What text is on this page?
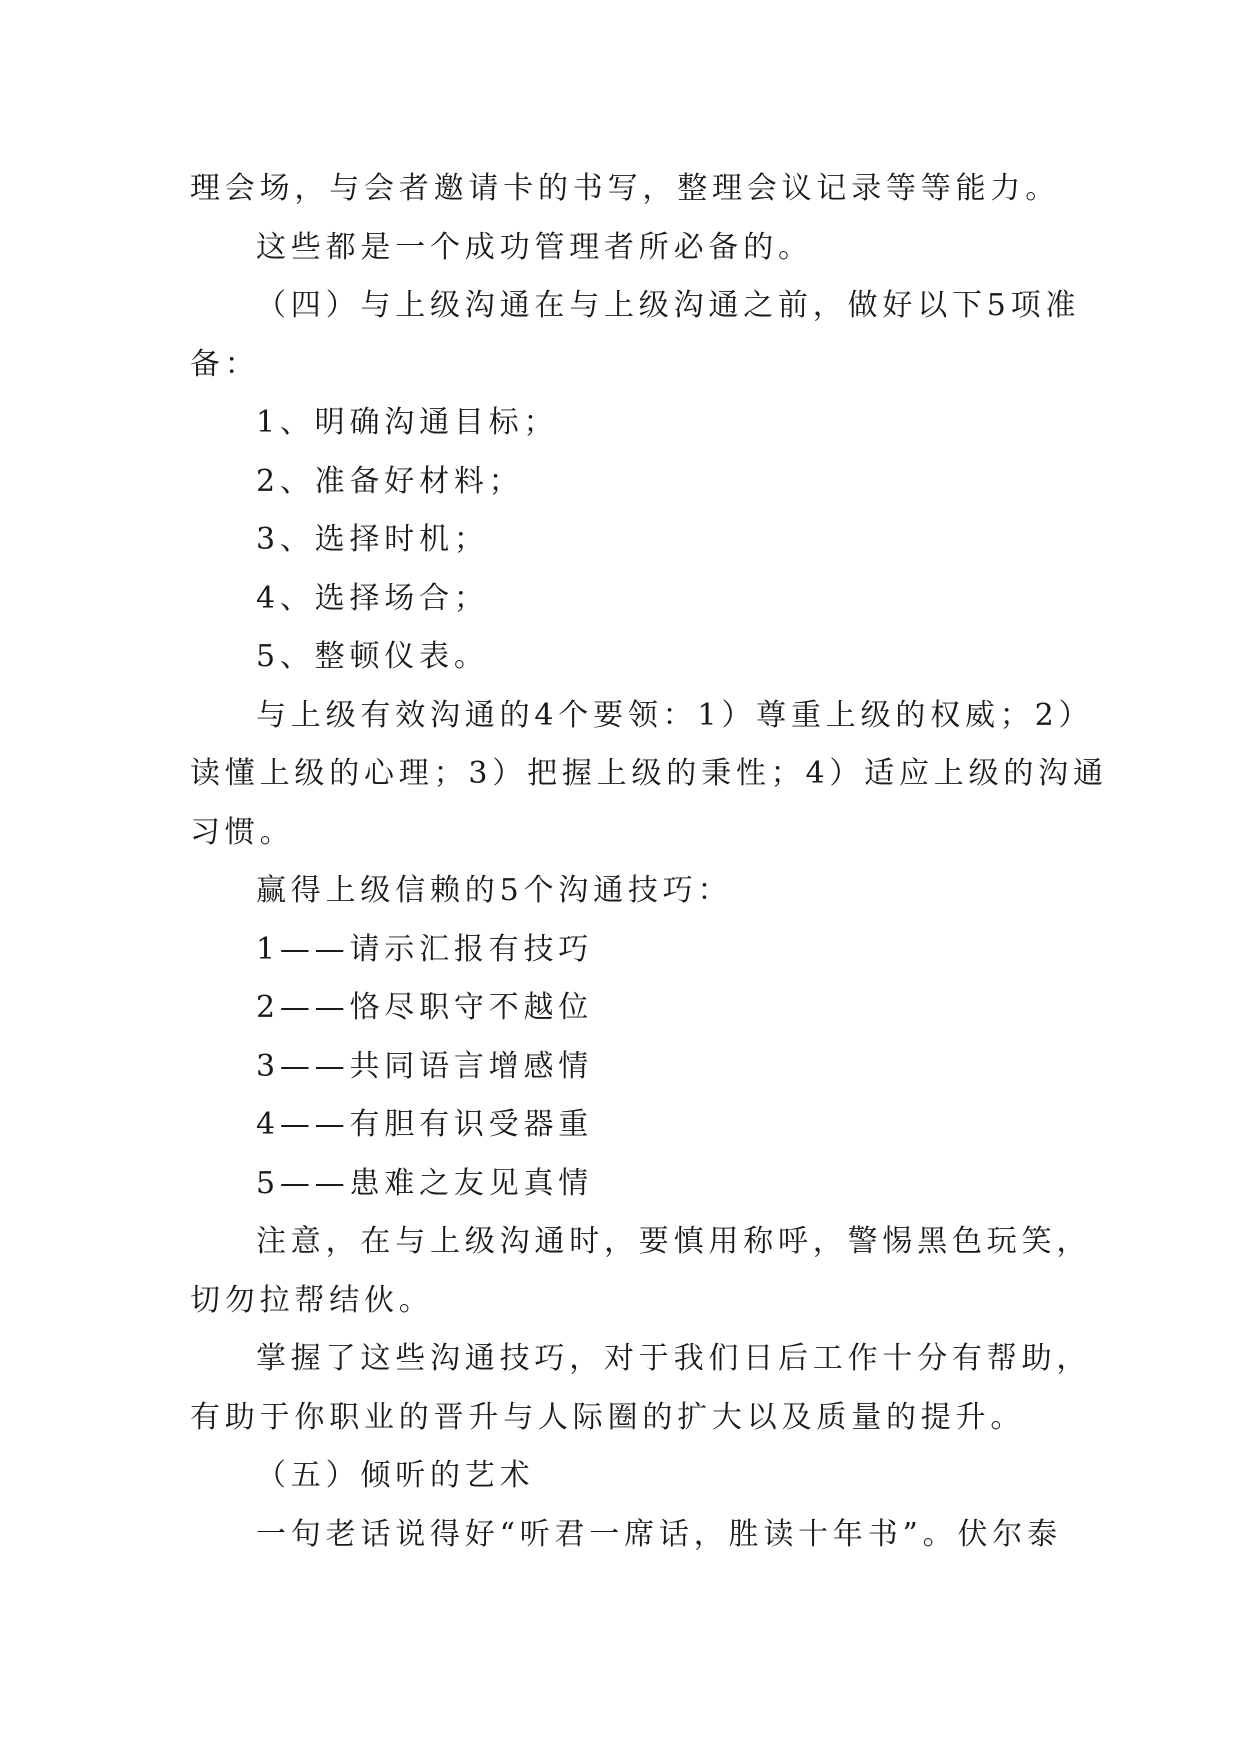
理会场，与会者邀请卡的书写，整理会议记录等等能力。
这些都是一个成功管理者所必备的。
（四）与上级沟通在与上级沟通之前，做好以下5项准
备：
1、明确沟通目标；
2、准备好材料；
3、选择时机；
4、选择场合；
5、整顿仪表。
与上级有效沟通的4个要领：1）尊重上级的权威；2）
读懂上级的心理；3）把握上级的秉性；4）适应上级的沟通
习惯。
赢得上级信赖的5个沟通技巧：
1——请示汇报有技巧
2——恪尽职守不越位
3——共同语言增感情
4——有胆有识受器重
5——患难之友见真情
注意，在与上级沟通时，要慎用称呼，警惕黑色玩笑，
切勿拉帮结伙。
掌握了这些沟通技巧，对于我们日后工作十分有帮助，
有助于你职业的晋升与人际圈的扩大以及质量的提升。
（五）倾听的艺术
一句老话说得好“听君一席话，胜读十年书”。伏尔泰
